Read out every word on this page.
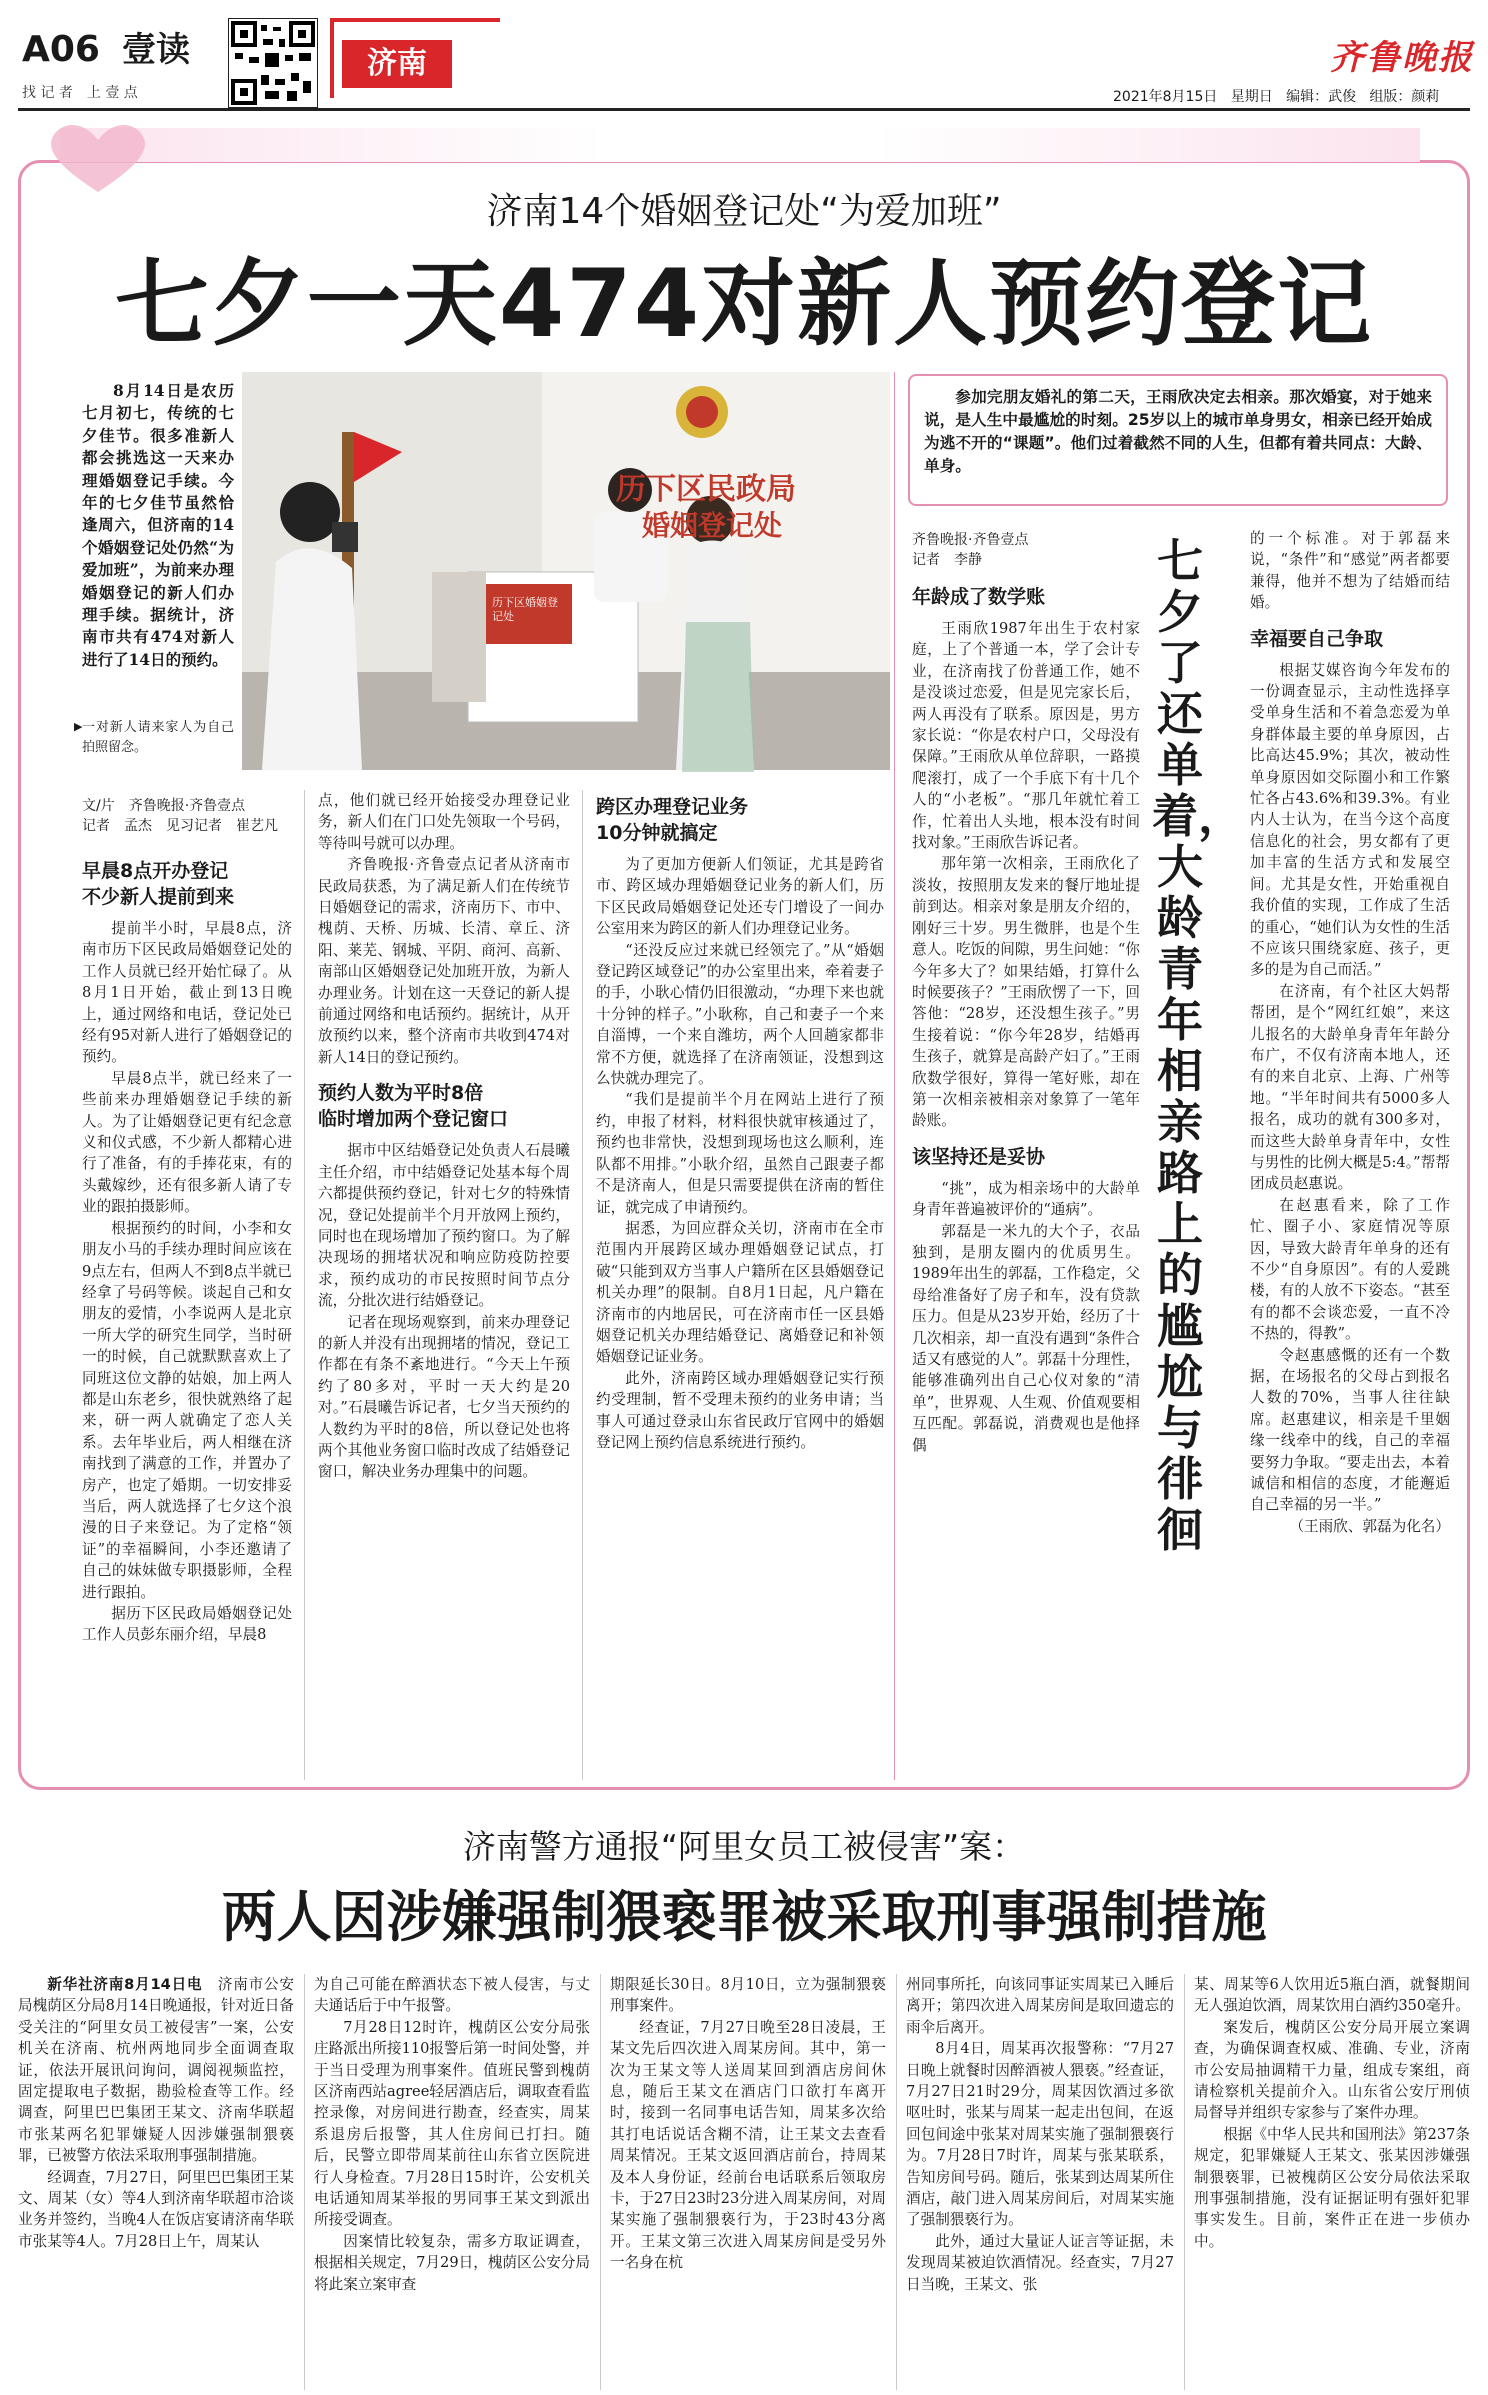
A06 壹读
找 记 者　上 壹 点
济南	齐鲁晚报
2021年8月15日 星期日 编辑：武俊 组版：颜莉
济南14个婚姻登记处“为爱加班”
七夕一天474对新人预约登记
8月14日是农历七月初七，传统的七夕佳节。很多准新人都会挑选这一天来办理婚姻登记手续。今年的七夕佳节虽然恰逢周六，但济南的14个婚姻登记处仍然“为爱加班”，为前来办理婚姻登记的新人们办理手续。据统计，济南市共有474对新人进行了14日的预约。
▶ 一对新人请来家人为自己拍照留念。
历下区民政局
婚姻登记处
历下区婚姻登记处
文/片　齐鲁晚报·齐鲁壹点
记者　孟杰　见习记者　崔艺凡
早晨8点开办登记
不少新人提前到来

提前半小时，早晨8点，济南市历下区民政局婚姻登记处的工作人员就已经开始忙碌了。从8月1日开始，截止到13日晚上，通过网络和电话，登记处已经有95对新人进行了婚姻登记的预约。

早晨8点半，就已经来了一些前来办理婚姻登记手续的新人。为了让婚姻登记更有纪念意义和仪式感，不少新人都精心进行了准备，有的手捧花束，有的头戴嫁纱，还有很多新人请了专业的跟拍摄影师。

根据预约的时间，小李和女朋友小马的手续办理时间应该在9点左右，但两人不到8点半就已经拿了号码等候。谈起自己和女朋友的爱情，小李说两人是北京一所大学的研究生同学，当时研一的时候，自己就默默喜欢上了同班这位文静的姑娘，加上两人都是山东老乡，很快就熟络了起来，研一两人就确定了恋人关系。去年毕业后，两人相继在济南找到了满意的工作，并置办了房产，也定了婚期。一切安排妥当后，两人就选择了七夕这个浪漫的日子来登记。为了定格“领证”的幸福瞬间，小李还邀请了自己的妹妹做专职摄影师，全程进行跟拍。

据历下区民政局婚姻登记处工作人员彭东丽介绍，早晨8

点，他们就已经开始接受办理登记业务，新人们在门口处先领取一个号码，等待叫号就可以办理。

齐鲁晚报·齐鲁壹点记者从济南市民政局获悉，为了满足新人们在传统节日婚姻登记的需求，济南历下、市中、槐荫、天桥、历城、长清、章丘、济阳、莱芜、钢城、平阴、商河、高新、南部山区婚姻登记处加班开放，为新人办理业务。计划在这一天登记的新人提前通过网络和电话预约。据统计，从开放预约以来，整个济南市共收到474对新人14日的登记预约。

预约人数为平时8倍
临时增加两个登记窗口

据市中区结婚登记处负责人石晨曦主任介绍，市中结婚登记处基本每个周六都提供预约登记，针对七夕的特殊情况，登记处提前半个月开放网上预约，同时也在现场增加了预约窗口。为了解决现场的拥堵状况和响应防疫防控要求，预约成功的市民按照时间节点分流，分批次进行结婚登记。

记者在现场观察到，前来办理登记的新人并没有出现拥堵的情况，登记工作都在有条不紊地进行。“今天上午预约了80多对，平时一天大约是20对。”石晨曦告诉记者，七夕当天预约的人数约为平时的8倍，所以登记处也将两个其他业务窗口临时改成了结婚登记窗口，解决业务办理集中的问题。

跨区办理登记业务
10分钟就搞定

为了更加方便新人们领证，尤其是跨省市、跨区域办理婚姻登记业务的新人们，历下区民政局婚姻登记处还专门增设了一间办公室用来为跨区的新人们办理登记业务。

“还没反应过来就已经领完了。”从“婚姻登记跨区域登记”的办公室里出来，牵着妻子的手，小耿心情仍旧很激动，“办理下来也就十分钟的样子。”小耿称，自己和妻子一个来自淄博，一个来自潍坊，两个人回趟家都非常不方便，就选择了在济南领证，没想到这么快就办理完了。

“我们是提前半个月在网站上进行了预约，申报了材料，材料很快就审核通过了，预约也非常快，没想到现场也这么顺利，连队都不用排。”小耿介绍，虽然自己跟妻子都不是济南人，但是只需要提供在济南的暂住证，就完成了申请预约。

据悉，为回应群众关切，济南市在全市范围内开展跨区域办理婚姻登记试点，打破“只能到双方当事人户籍所在区县婚姻登记机关办理”的限制。自8月1日起，凡户籍在济南市的内地居民，可在济南市任一区县婚姻登记机关办理结婚登记、离婚登记和补领婚姻登记证业务。

此外，济南跨区域办理婚姻登记实行预约受理制，暂不受理未预约的业务申请；当事人可通过登录山东省民政厅官网中的婚姻登记网上预约信息系统进行预约。

参加完朋友婚礼的第二天，王雨欣决定去相亲。那次婚宴，对于她来说，是人生中最尴尬的时刻。25岁以上的城市单身男女，相亲已经开始成为逃不开的“课题”。他们过着截然不同的人生，但都有着共同点：大龄、单身。
齐鲁晚报·齐鲁壹点
记者　李静	七夕了还单着，大龄青年相亲路上的尴尬与徘徊
年龄成了数学账

王雨欣1987年出生于农村家庭，上了个普通一本，学了会计专业，在济南找了份普通工作，她不是没谈过恋爱，但是见完家长后，两人再没有了联系。原因是，男方家长说：“你是农村户口，父母没有保障。”王雨欣从单位辞职，一路摸爬滚打，成了一个手底下有十几个人的“小老板”。“那几年就忙着工作，忙着出人头地，根本没有时间找对象。”王雨欣告诉记者。

那年第一次相亲，王雨欣化了淡妆，按照朋友发来的餐厅地址提前到达。相亲对象是朋友介绍的，刚好三十岁。男生微胖，也是个生意人。吃饭的间隙，男生问她：“你今年多大了？如果结婚，打算什么时候要孩子？”王雨欣愣了一下，回答他：“28岁，还没想生孩子。”男生接着说：“你今年28岁，结婚再生孩子，就算是高龄产妇了。”王雨欣数学很好，算得一笔好账，却在第一次相亲被相亲对象算了一笔年龄账。

该坚持还是妥协

“挑”，成为相亲场中的大龄单身青年普遍被评价的“通病”。

郭磊是一米九的大个子，衣品独到，是朋友圈内的优质男生。1989年出生的郭磊，工作稳定，父母给准备好了房子和车，没有贷款压力。但是从23岁开始，经历了十几次相亲，却一直没有遇到“条件合适又有感觉的人”。郭磊十分理性，能够准确列出自己心仪对象的“清单”，世界观、人生观、价值观要相互匹配。郭磊说，消费观也是他择偶

的一个标准。对于郭磊来说，“条件”和“感觉”两者都要兼得，他并不想为了结婚而结婚。

幸福要自己争取

根据艾媒咨询今年发布的一份调查显示，主动性选择享受单身生活和不着急恋爱为单身群体最主要的单身原因，占比高达45.9%；其次，被动性单身原因如交际圈小和工作繁忙各占43.6%和39.3%。有业内人士认为，在当今这个高度信息化的社会，男女都有了更加丰富的生活方式和发展空间。尤其是女性，开始重视自我价值的实现，工作成了生活的重心，“她们认为女性的生活不应该只围绕家庭、孩子，更多的是为自己而活。”

在济南，有个社区大妈帮帮团，是个“网红红娘”，来这儿报名的大龄单身青年年龄分布广，不仅有济南本地人，还有的来自北京、上海、广州等地。“半年时间共有5000多人报名，成功的就有300多对，而这些大龄单身青年中，女性与男性的比例大概是5:4。”帮帮团成员赵惠说。

在赵惠看来，除了工作忙、圈子小、家庭情况等原因，导致大龄青年单身的还有不少“自身原因”。有的人爱跳楼，有的人放不下姿态。“甚至有的都不会谈恋爱，一直不冷不热的，得教”。

令赵惠感慨的还有一个数据，在场报名的父母占到报名人数的70%，当事人往往缺席。赵惠建议，相亲是千里姻缘一线牵中的线，自己的幸福要努力争取。“要走出去，本着诚信和相信的态度，才能邂逅自己幸福的另一半。”

（王雨欣、郭磊为化名）

济南警方通报“阿里女员工被侵害”案：
两人因涉嫌强制猥亵罪被采取刑事强制措施

新华社济南8月14日电　 济南市公安局槐荫区分局8月14日晚通报，针对近日备受关注的“阿里女员工被侵害”一案，公安机关在济南、杭州两地同步全面调查取证，依法开展讯问询问，调阅视频监控，固定提取电子数据，勘验检查等工作。经调查，阿里巴巴集团王某文、济南华联超市张某两名犯罪嫌疑人因涉嫌强制猥亵罪，已被警方依法采取刑事强制措施。

经调查，7月27日，阿里巴巴集团王某文、周某（女）等4人到济南华联超市洽谈业务并签约，当晚4人在饭店宴请济南华联市张某等4人。7月28日上午，周某认

为自己可能在醉酒状态下被人侵害，与丈夫通话后于中午报警。

7月28日12时许，槐荫区公安分局张庄路派出所接110报警后第一时间处警，并于当日受理为刑事案件。值班民警到槐荫区济南西站agree轻居酒店后，调取查看监控录像，对房间进行勘查，经查实，周某系退房后报警，其人住房间已打扫。随后，民警立即带周某前往山东省立医院进行人身检查。7月28日15时许，公安机关电话通知周某举报的男同事王某文到派出所接受调查。

因案情比较复杂，需多方取证调查，根据相关规定，7月29日，槐荫区公安分局将此案立案审查

期限延长30日。8月10日，立为强制猥亵刑事案件。

经查证，7月27日晚至28日凌晨，王某文先后四次进入周某房间。其中，第一次为王某文等人送周某回到酒店房间休息，随后王某文在酒店门口欲打车离开时，接到一名同事电话告知，周某多次给其打电话说话含糊不清，让王某文去查看周某情况。王某文返回酒店前台，持周某及本人身份证，经前台电话联系后领取房卡，于27日23时23分进入周某房间，对周某实施了强制猥亵行为，于23时43分离开。王某文第三次进入周某房间是受另外一名身在杭

州同事所托，向该同事证实周某已入睡后离开；第四次进入周某房间是取回遗忘的雨伞后离开。

8月4日，周某再次报警称：“7月27日晚上就餐时因醉酒被人猥亵。”经查证，7月27日21时29分，周某因饮酒过多欲呕吐时，张某与周某一起走出包间，在返回包间途中张某对周某实施了强制猥亵行为。7月28日7时许，周某与张某联系，告知房间号码。随后，张某到达周某所住酒店，敲门进入周某房间后，对周某实施了强制猥亵行为。

此外，通过大量证人证言等证据，未发现周某被迫饮酒情况。经查实，7月27日当晚，王某文、张

某、周某等6人饮用近5瓶白酒，就餐期间无人强迫饮酒，周某饮用白酒约350毫升。

案发后，槐荫区公安分局开展立案调查，为确保调查权威、准确、专业，济南市公安局抽调精干力量，组成专案组，商请检察机关提前介入。山东省公安厅刑侦局督导并组织专家参与了案件办理。

根据《中华人民共和国刑法》第237条规定，犯罪嫌疑人王某文、张某因涉嫌强制猥亵罪，已被槐荫区公安分局依法采取刑事强制措施，没有证据证明有强奸犯罪事实发生。目前，案件正在进一步侦办中。
